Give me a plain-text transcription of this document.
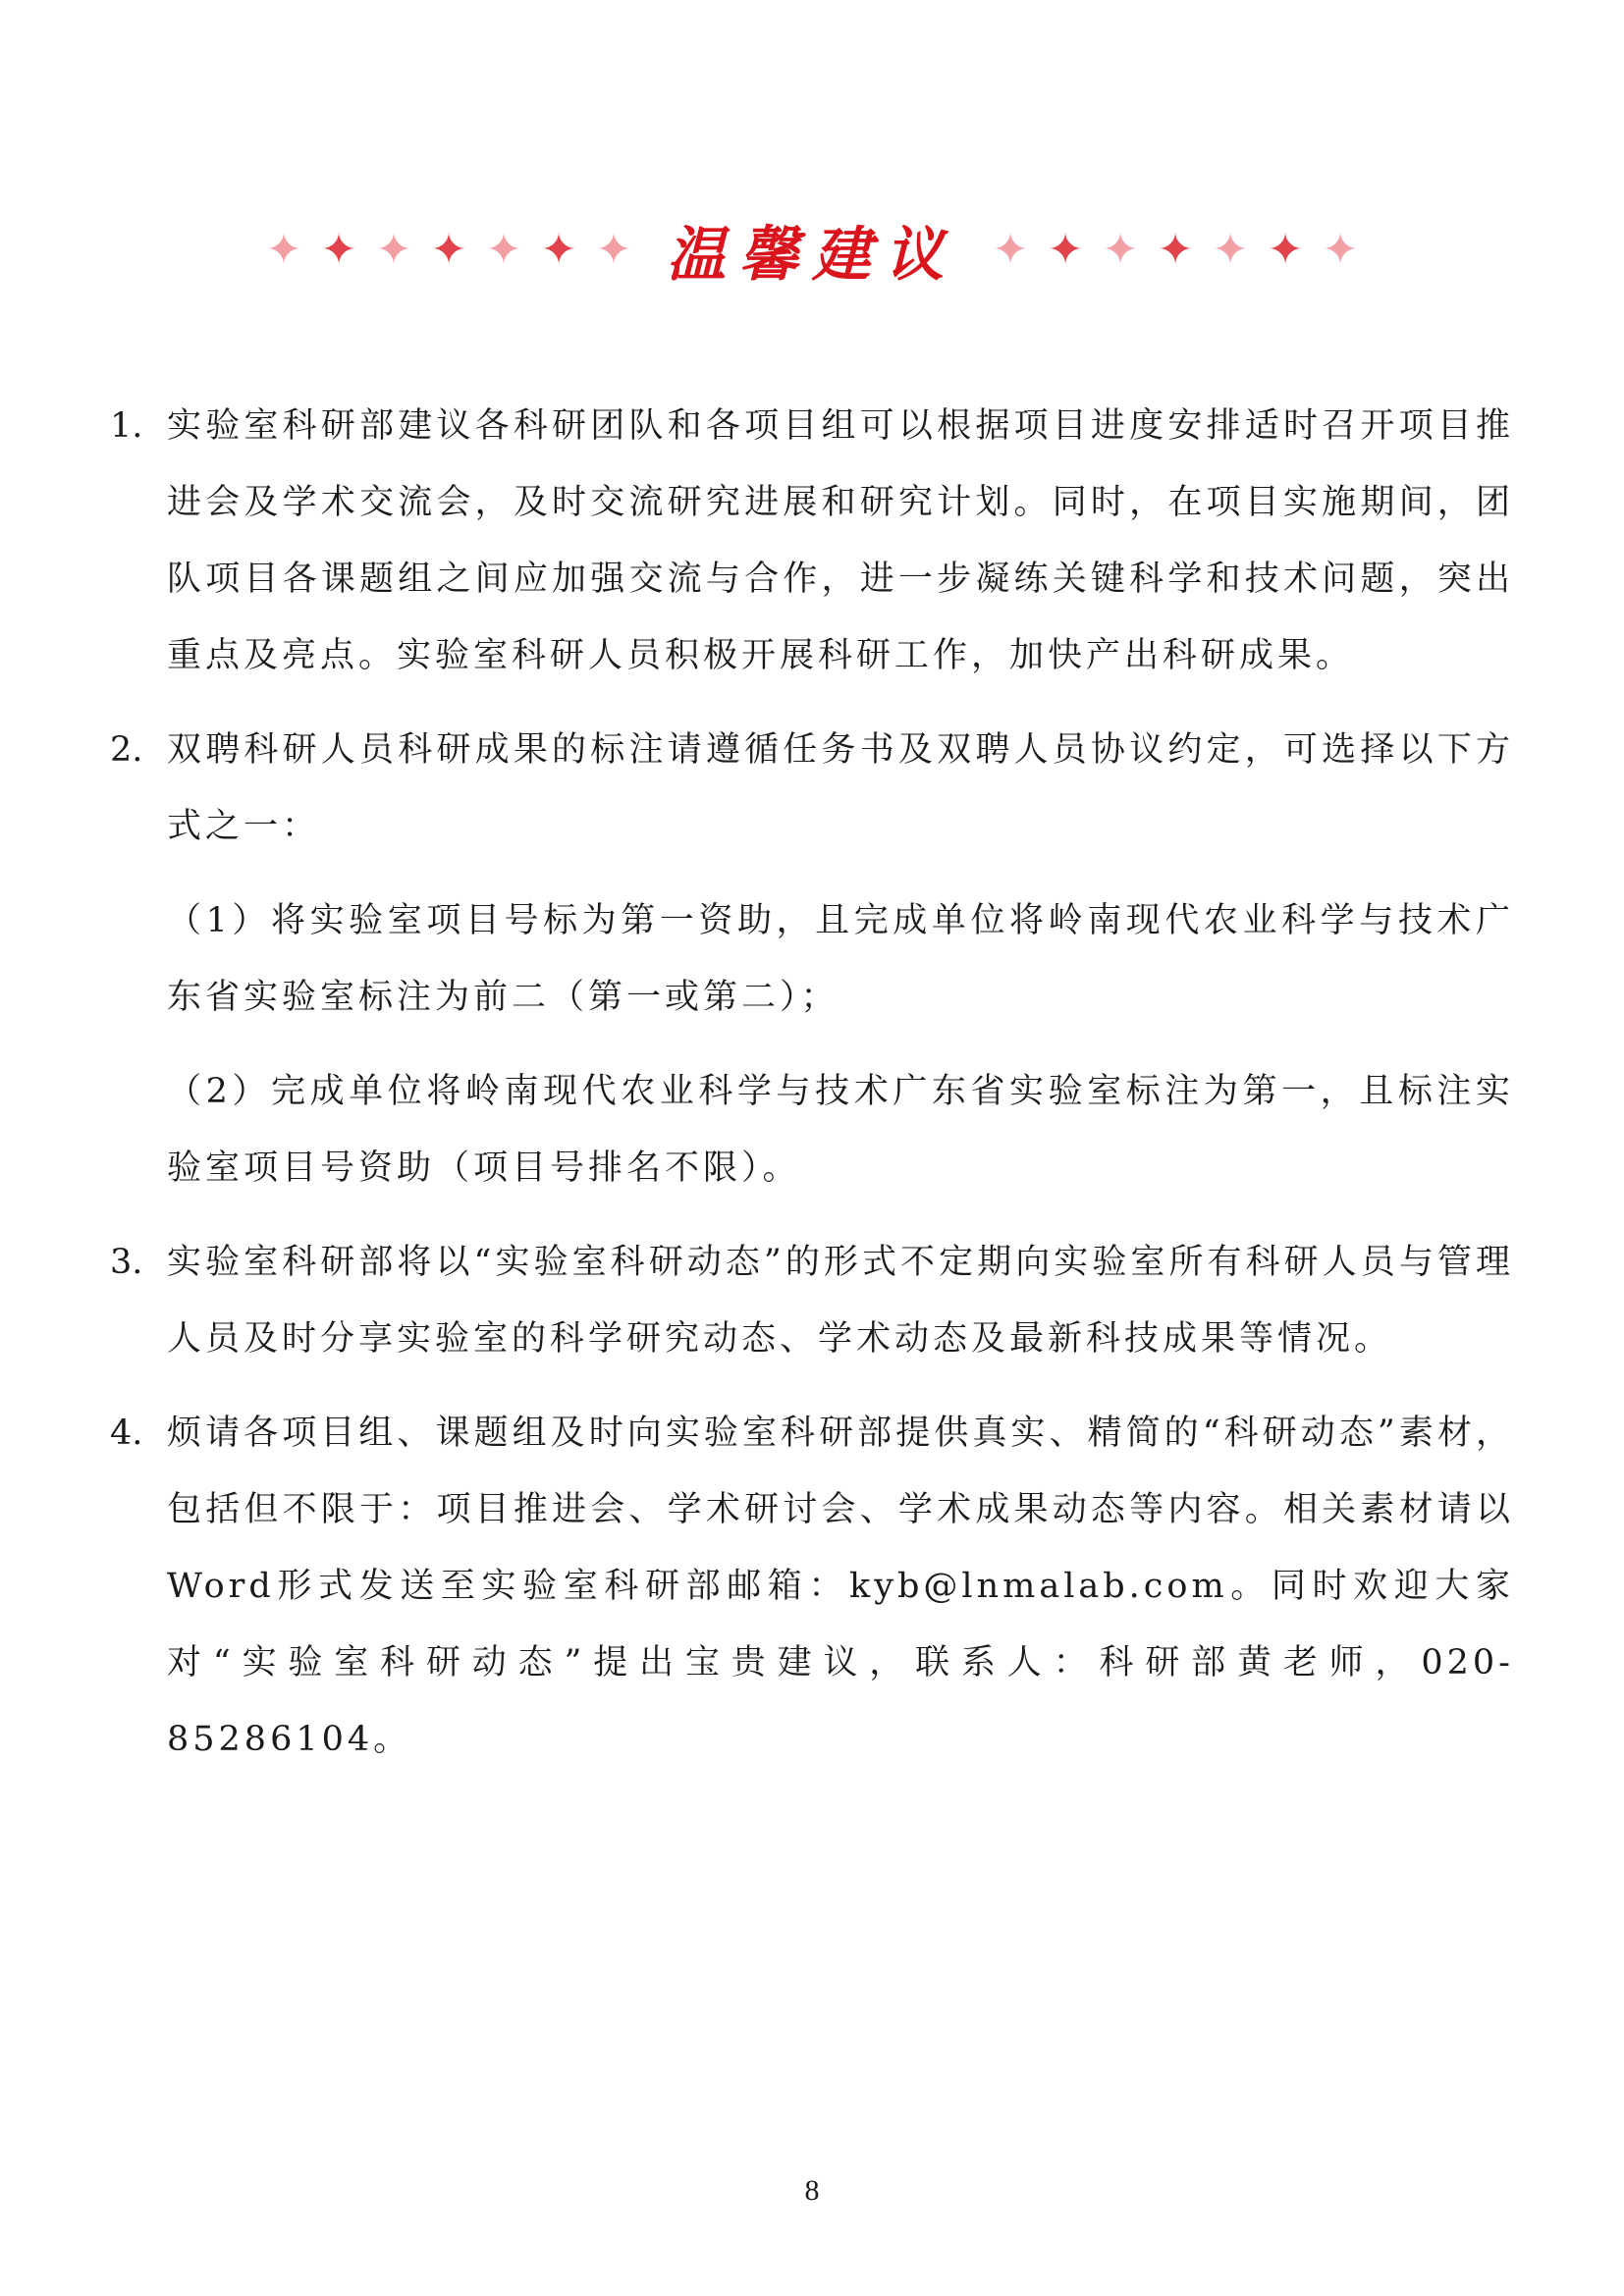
✦ ✦ ✦ ✦ ✦ ✦ ✦ 温馨建议 ✦ ✦ ✦ ✦ ✦ ✦ ✦

1. 实验室科研部建议各科研团队和各项目组可以根据项目进度安排适时召开项目推进会及学术交流会，及时交流研究进展和研究计划。同时，在项目实施期间，团队项目各课题组之间应加强交流与合作，进一步凝练关键科学和技术问题，突出重点及亮点。实验室科研人员积极开展科研工作，加快产出科研成果。

2. 双聘科研人员科研成果的标注请遵循任务书及双聘人员协议约定，可选择以下方式之一：

（1）将实验室项目号标为第一资助，且完成单位将岭南现代农业科学与技术广东省实验室标注为前二（第一或第二）；

（2）完成单位将岭南现代农业科学与技术广东省实验室标注为第一，且标注实验室项目号资助（项目号排名不限）。

3. 实验室科研部将以“实验室科研动态”的形式不定期向实验室所有科研人员与管理人员及时分享实验室的科学研究动态、学术动态及最新科技成果等情况。

4. 烦请各项目组、课题组及时向实验室科研部提供真实、精简的“科研动态”素材，包括但不限于：项目推进会、学术研讨会、学术成果动态等内容。相关素材请以Word形式发送至实验室科研部邮箱：kyb@lnmalab.com。同时欢迎大家对“实验室科研动态”提出宝贵建议，联系人：科研部黄老师，020-85286104。

8
